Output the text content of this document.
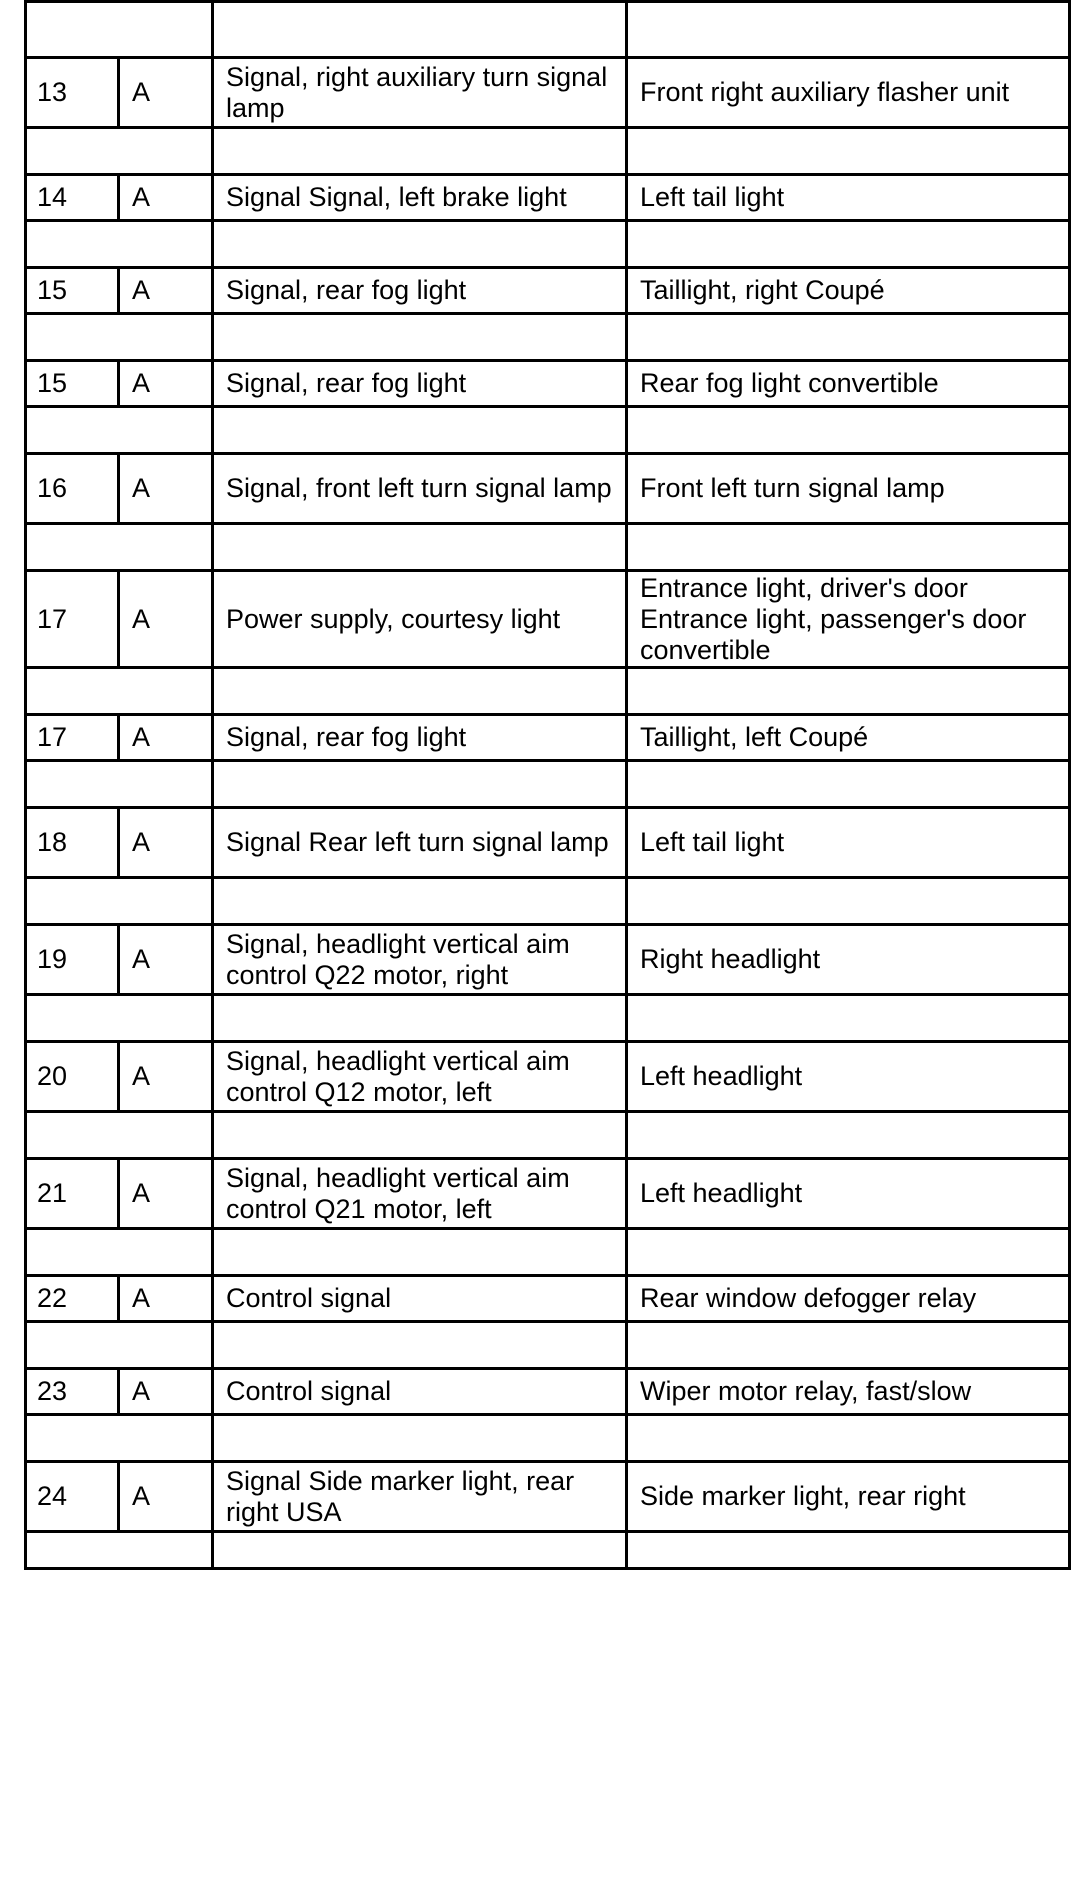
13	A	Signal, right auxiliary turn signal lamp	Front right auxiliary flasher unit

14	A	Signal Signal, left brake light	Left tail light

15	A	Signal, rear fog light	Taillight, right Coupé

15	A	Signal, rear fog light	Rear fog light convertible

16	A	Signal, front left turn signal lamp	Front left turn signal lamp

17	A	Power supply, courtesy light	Entrance light, driver's door Entrance light, passenger's door convertible

17	A	Signal, rear fog light	Taillight, left Coupé

18	A	Signal Rear left turn signal lamp	Left tail light

19	A	Signal, headlight vertical aim control Q22 motor, right	Right headlight

20	A	Signal, headlight vertical aim control Q12 motor, left	Left headlight

21	A	Signal, headlight vertical aim control Q21 motor, left	Left headlight

22	A	Control signal	Rear window defogger relay

23	A	Control signal	Wiper motor relay, fast/slow

24	A	Signal Side marker light, rear right USA	Side marker light, rear right
